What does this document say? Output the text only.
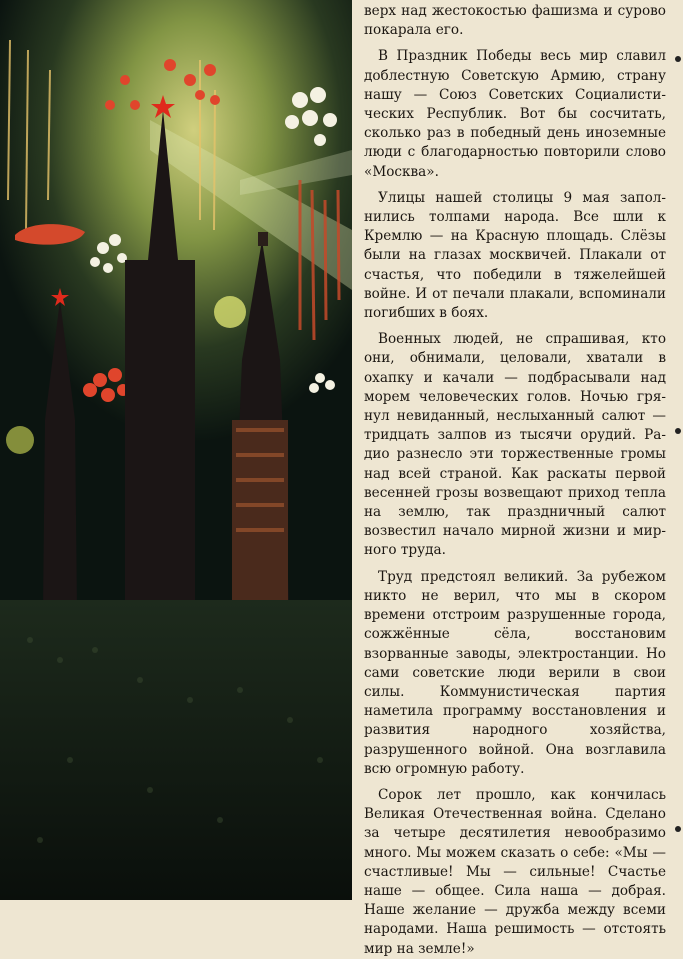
верх над жестокостью фашизма и сурово покарала его.

В Праздник Победы весь мир славил доблестную Советскую Армию, страну нашу — Союз Советских Социалистических Республик. Вот бы сосчитать, сколько раз в победный день иноземные люди с благодарностью повторили слово «Москва».

Улицы нашей столицы 9 мая заполнились толпами народа. Все шли к Кремлю — на Красную площадь. Слёзы были на глазах москвичей. Плакали от счастья, что победили в тяжелейшей войне. И от печали плакали, вспоминали погибших в боях.

Военных людей, не спрашивая, кто они, обнимали, целовали, хватали в охапку и качали — подбрасывали над морем человеческих голов. Ночью грянул невиданный, неслыханный салют — тридцать залпов из тысячи орудий. Радио разнесло эти торжественные громы над всей страной. Как раскаты первой весенней грозы возвещают приход тепла на землю, так праздничный салют возвестил начало мирной жизни и мирного труда.

Труд предстоял великий. За рубежом никто не верил, что мы в скором времени отстроим разрушенные города, сожжённые сёла, восстановим взорванные заводы, электростанции. Но сами советские люди верили в свои силы. Коммунистическая партия наметила программу восстановления и развития народного хозяйства, разрушенного войной. Она возглавила всю огромную работу.

Сорок лет прошло, как кончилась Великая Отечественная война. Сделано за четыре десятилетия невообразимо много. Мы можем сказать о себе: «Мы — счастливые! Мы — сильные! Счастье наше — общее. Сила наша — добрая. Наше желание — дружба между всеми народами. Наша решимость — отстоять мир на земле!»
